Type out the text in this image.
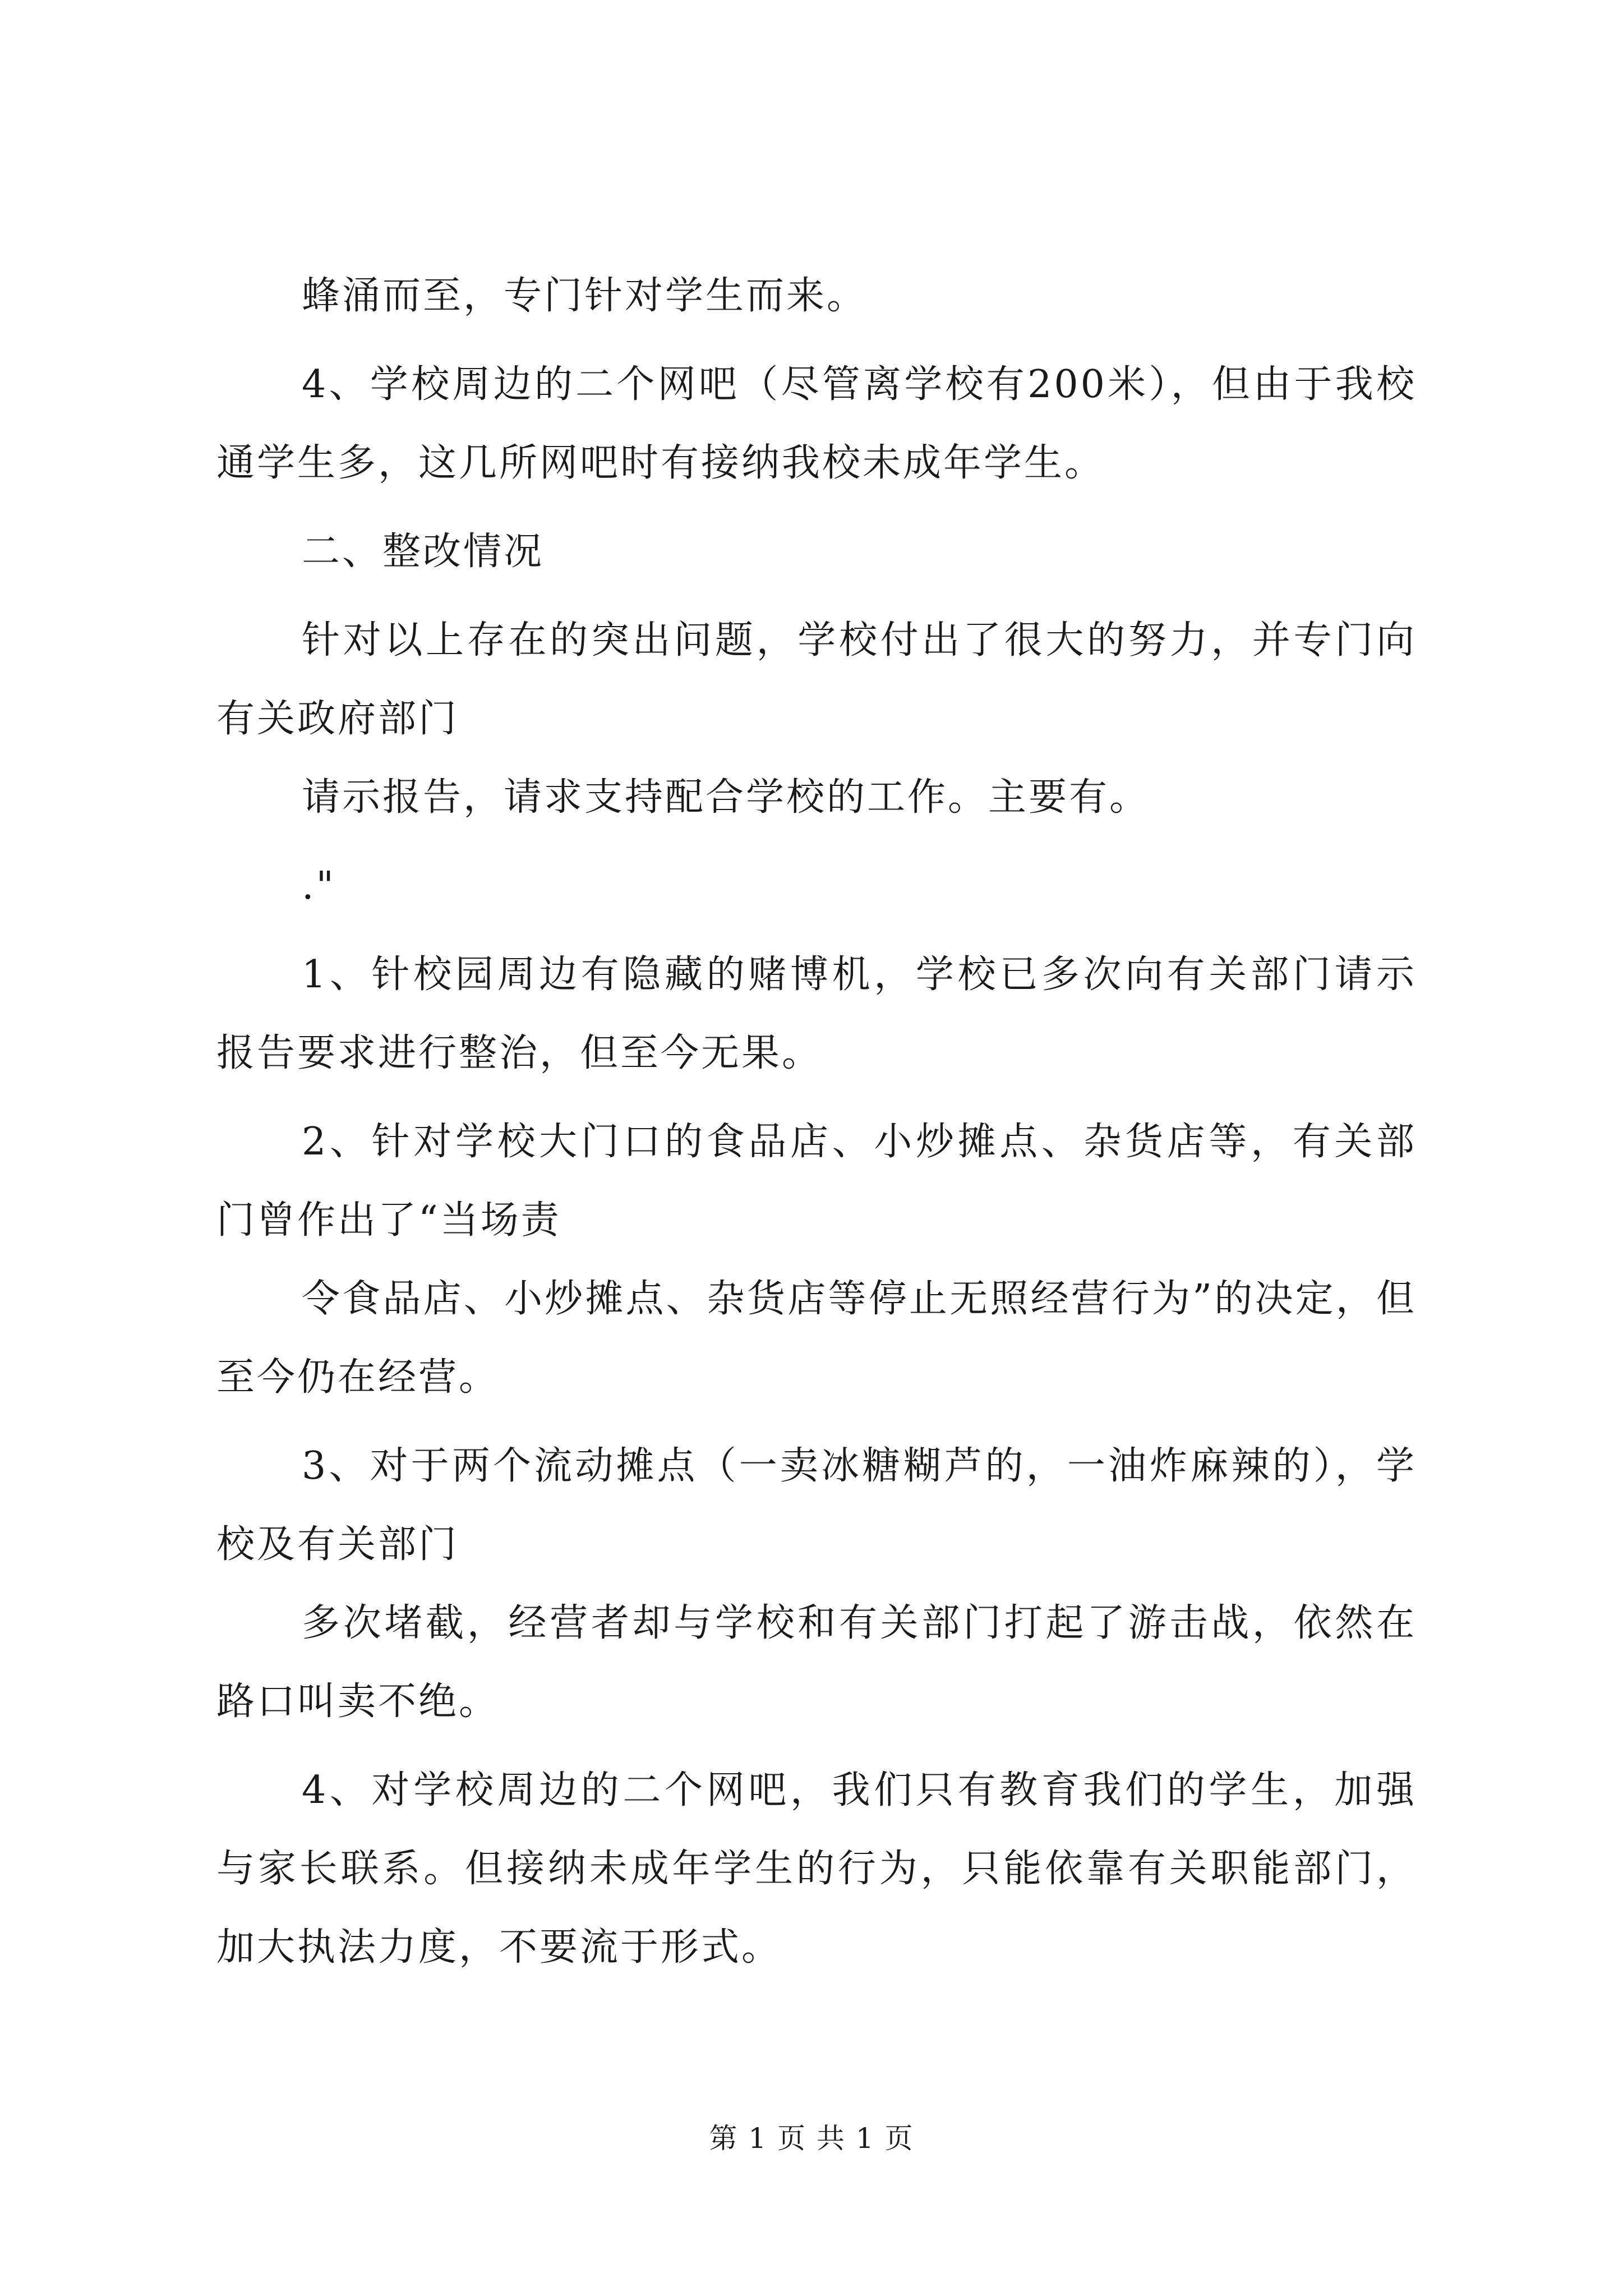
蜂涌而至，专门针对学生而来。

4、学校周边的二个网吧（尽管离学校有200米），但由于我校通学生多，这几所网吧时有接纳我校未成年学生。

二、整改情况

针对以上存在的突出问题，学校付出了很大的努力，并专门向有关政府部门

请示报告，请求支持配合学校的工作。主要有。

."

1、针校园周边有隐藏的赌博机，学校已多次向有关部门请示报告要求进行整治，但至今无果。

2、针对学校大门口的食品店、小炒摊点、杂货店等，有关部门曾作出了“当场责

令食品店、小炒摊点、杂货店等停止无照经营行为”的决定，但至今仍在经营。

3、对于两个流动摊点（一卖冰糖糊芦的，一油炸麻辣的），学校及有关部门

多次堵截，经营者却与学校和有关部门打起了游击战，依然在路口叫卖不绝。

4、对学校周边的二个网吧，我们只有教育我们的学生，加强与家长联系。但接纳未成年学生的行为，只能依靠有关职能部门，加大执法力度，不要流于形式。

第 1 页 共 1 页
